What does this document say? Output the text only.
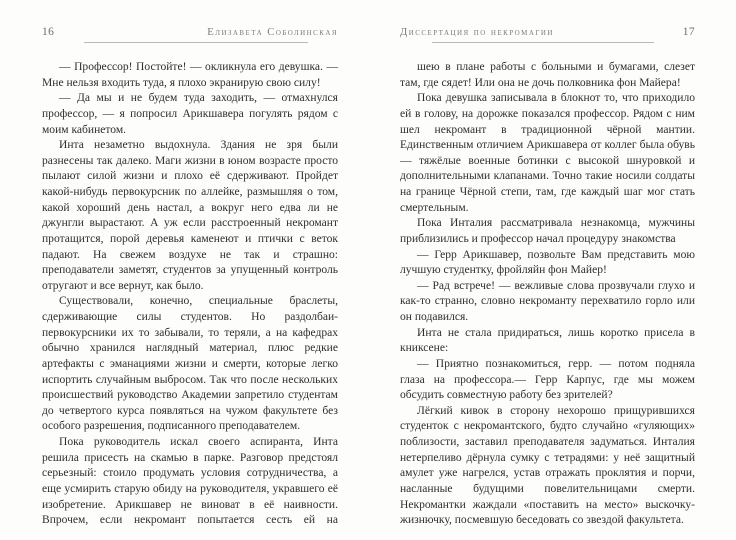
16	Елизавета Соболинская

— Профессор! Постойте! — окликнула его девушка. — Мне нельзя входить туда, я плохо экранирую свою силу!

— Да мы и не будем туда заходить, — отмахнулся профессор, — я попросил Арикшавера погулять рядом с моим кабинетом.

Инта незаметно выдохнула. Здания не зря были разнесены так далеко. Маги жизни в юном возрасте просто пылают силой жизни и плохо её сдерживают. Пройдет какой-нибудь первокурсник по аллейке, размышляя о том, какой хороший день настал, а вокруг него едва ли не джунгли вырастают. А уж если расстроенный некромант протащится, порой деревья каменеют и птички с веток падают. На свежем воздухе не так и страшно: преподаватели заметят, студентов за упущенный контроль отругают и все вернут, как было.

Существовали, конечно, специальные браслеты, сдерживающие силы студентов. Но раздолбаи-первокурсники их то забывали, то теряли, а на кафедрах обычно хранился наглядный материал, плюс редкие артефакты с эманациями жизни и смерти, которые легко испортить случайным выбросом. Так что после нескольких происшествий руководство Академии запретило студентам до четвертого курса появляться на чужом факультете без особого разрешения, подписанного преподавателем.

Пока руководитель искал своего аспиранта, Инта решила присесть на скамью в парке. Разговор предстоял серьезный: стоило продумать условия сотрудничества, а еще усмирить старую обиду на руководителя, укравшего её изобретение. Арикшавер не виноват в её наивности. Впрочем, если некромант попытается сесть ей на

Диссертация по некромагии	17

шею в плане работы с больными и бумагами, слезет там, где сядет! Или она не дочь полковника фон Майера!

Пока девушка записывала в блокнот то, что приходило ей в голову, на дорожке показался профессор. Рядом с ним шел некромант в традиционной чёрной мантии. Единственным отличием Арикшавера от коллег была обувь — тяжёлые военные ботинки с высокой шнуровкой и дополнительными клапанами. Точно такие носили солдаты на границе Чёрной степи, там, где каждый шаг мог стать смертельным.

Пока Инталия рассматривала незнакомца, мужчины приблизились и профессор начал процедуру знакомства

— Герр Арикшавер, позвольте Вам представить мою лучшую студентку, фройляйн фон Майер!

— Рад встрече! — вежливые слова прозвучали глухо и как-то странно, словно некроманту перехватило горло или он подавился.

Инта не стала придираться, лишь коротко присела в книксене:

— Приятно познакомиться, герр. — потом подняла глаза на профессора.— Герр Карпус, где мы можем обсудить совместную работу без зрителей?

Лёгкий кивок в сторону нехорошо прищурившихся студенток с некромантского, будто случайно «гуляющих» поблизости, заставил преподавателя задуматься. Инталия нетерпеливо дёрнула сумку с тетрадями: у неё защитный амулет уже нагрелся, устав отражать проклятия и порчи, насланные будущими повелительницами смерти. Некромантки жаждали «поставить на место» выскочку-жизнючку, посмевшую беседовать со звездой факультета.
